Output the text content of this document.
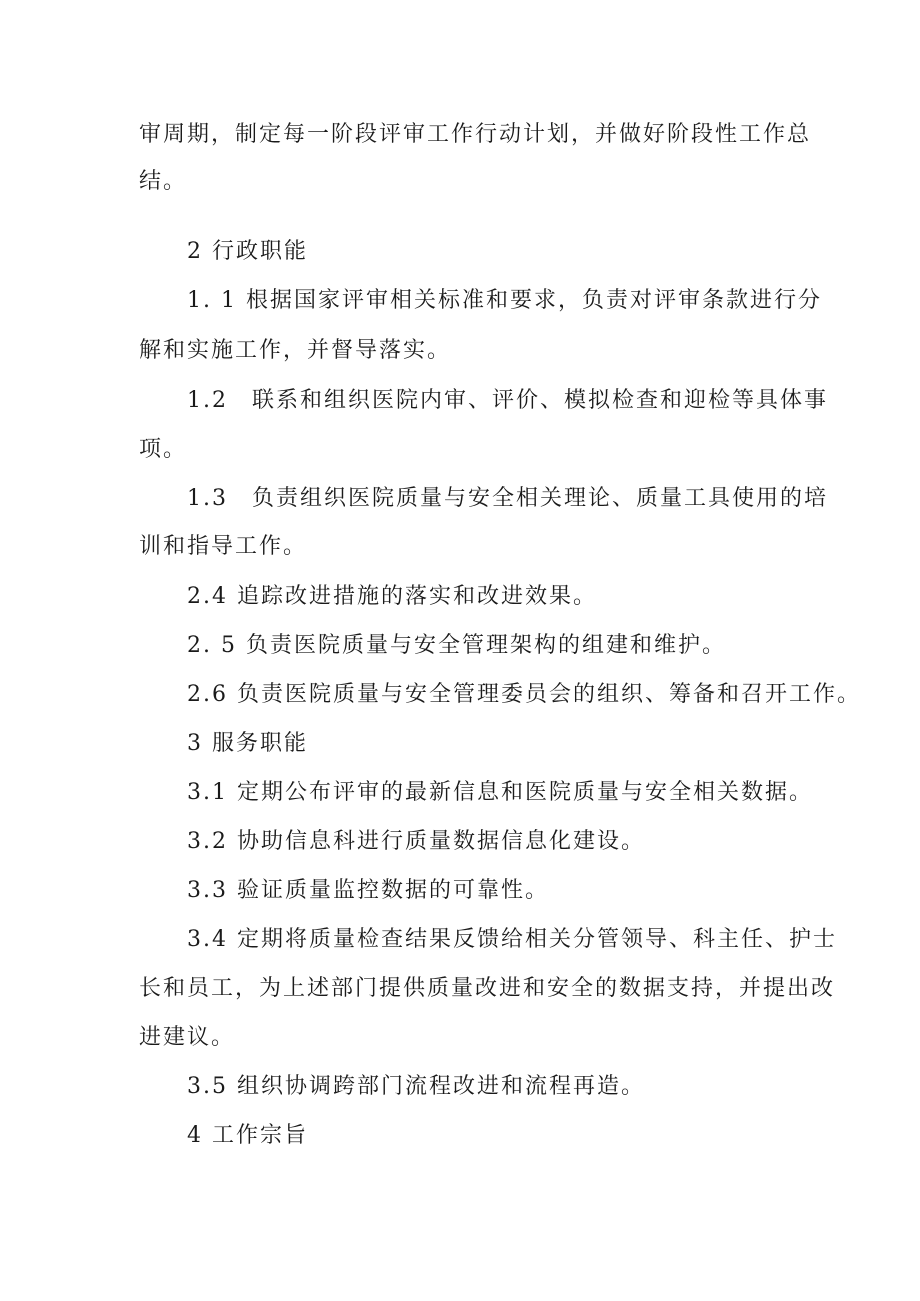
审周期，制定每一阶段评审工作行动计划，并做好阶段性工作总
结。
2 行政职能
1. 1 根据国家评审相关标准和要求，负责对评审条款进行分
解和实施工作，并督导落实。
1.2　联系和组织医院内审、评价、模拟检查和迎检等具体事
项。
1.3　负责组织医院质量与安全相关理论、质量工具使用的培
训和指导工作。
2.4 追踪改进措施的落实和改进效果。
2. 5 负责医院质量与安全管理架构的组建和维护。
2.6 负责医院质量与安全管理委员会的组织、筹备和召开工作。
3 服务职能
3.1 定期公布评审的最新信息和医院质量与安全相关数据。
3.2 协助信息科进行质量数据信息化建设。
3.3 验证质量监控数据的可靠性。
3.4 定期将质量检查结果反馈给相关分管领导、科主任、护士
长和员工，为上述部门提供质量改进和安全的数据支持，并提出改
进建议。
3.5 组织协调跨部门流程改进和流程再造。
4 工作宗旨
